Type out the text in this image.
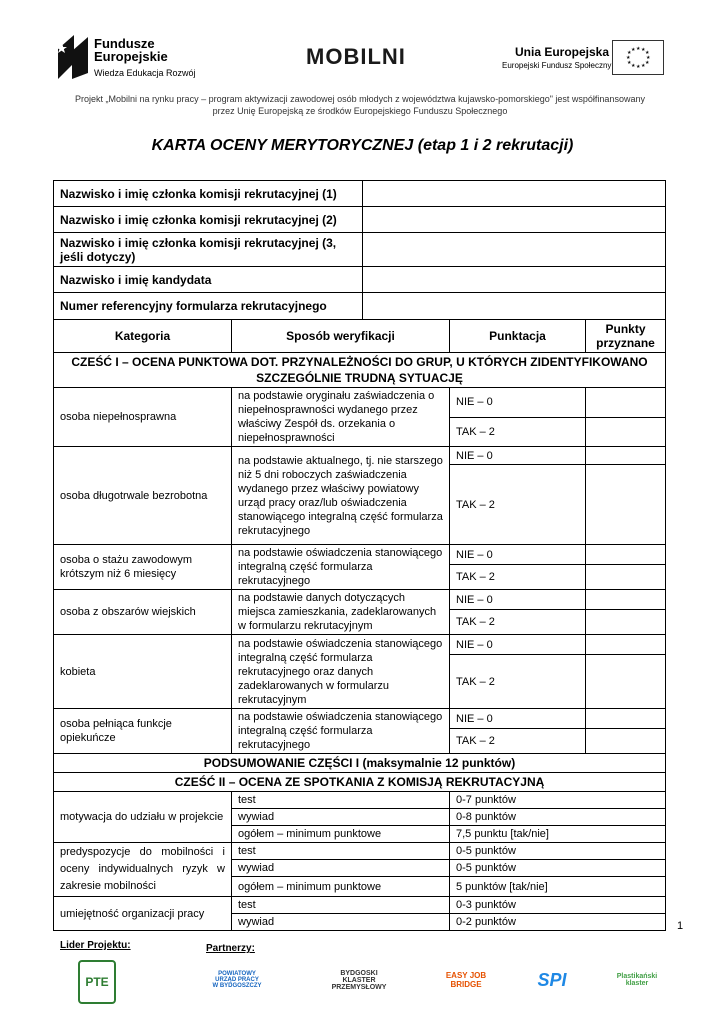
Fundusze
Europejskie
Wiedza Edukacja Rozwój
MOBILNI	Unia Europejska
Europejski Fundusz Społeczny
★ ★ ★
★
★
★
★
★
★
★
★ ★
Projekt „Mobilni na rynku pracy – program aktywizacji zawodowej osób młodych z województwa kujawsko-pomorskiego" jest współfinansowany
przez Unię Europejską ze środków Europejskiego Funduszu Społecznego
KARTA OCENY MERYTORYCZNEJ (etap 1 i 2 rekrutacji)
Nazwisko i imię członka komisji rekrutacyjnej (1)	
Nazwisko i imię członka komisji rekrutacyjnej (2)	
Nazwisko i imię członka komisji rekrutacyjnej (3, jeśli dotyczy)	
Nazwisko i imię kandydata	
Numer referencyjny formularza rekrutacyjnego	
Kategoria	Sposób weryfikacji	Punktacja	Punkty przyznane
CZEŚĆ I – OCENA PUNKTOWA DOT. PRZYNALEŻNOŚCI DO GRUP, U KTÓRYCH ZIDENTYFIKOWANO SZCZEGÓLNIE TRUDNĄ SYTUACJĘ			
osoba niepełnosprawna	na podstawie oryginału zaświadczenia o niepełnosprawności wydanego przez właściwy Zespół ds. orzekania o niepełnosprawności	NIE – 0	
		TAK – 2	
osoba długotrwale bezrobotna	na podstawie aktualnego, tj. nie starszego niż 5 dni roboczych zaświadczenia wydanego przez właściwy powiatowy urząd pracy oraz/lub oświadczenia stanowiącego integralną część formularza rekrutacyjnego	NIE – 0	
		TAK – 2	
osoba o stażu zawodowym krótszym niż 6 miesięcy	na podstawie oświadczenia stanowiącego integralną część formularza rekrutacyjnego	NIE – 0	
		TAK – 2	
osoba z obszarów wiejskich	na podstawie danych dotyczących miejsca zamieszkania, zadeklarowanych w formularzu rekrutacyjnym	NIE – 0	
		TAK – 2	
kobieta	na podstawie oświadczenia stanowiącego integralną część formularza rekrutacyjnego oraz danych zadeklarowanych w formularzu rekrutacyjnym	NIE – 0	
		TAK – 2	
osoba pełniąca funkcje opiekuńcze	na podstawie oświadczenia stanowiącego integralną część formularza rekrutacyjnego	NIE – 0	
		TAK – 2	
PODSUMOWANIE CZĘŚCI I (maksymalnie 12 punktów)			
CZEŚĆ II – OCENA ZE SPOTKANIA Z KOMISJĄ REKRUTACYJNĄ			
motywacja do udziału w projekcie	test	0-7 punktów	
	wywiad	0-8 punktów	
	ogółem – minimum punktowe	7,5 punktu [tak/nie]	
predyspozycje do mobilności i oceny indywidualnych ryzyk w zakresie mobilności	test	0-5 punktów	
	wywiad	0-5 punktów	
	ogółem – minimum punktowe	5 punktów [tak/nie]	
umiejętność organizacji pracy	test	0-3 punktów	
	wywiad	0-2 punktów		1
Lider Projektu:	Partnerzy:
PTE
POWIATOWY URZĄD PRACY W BYDGOSZCZY
BYDGOSKI KLASTER PRZEMYSŁOWY
EASY JOB BRIDGE	SPI	Plastikański klaster
